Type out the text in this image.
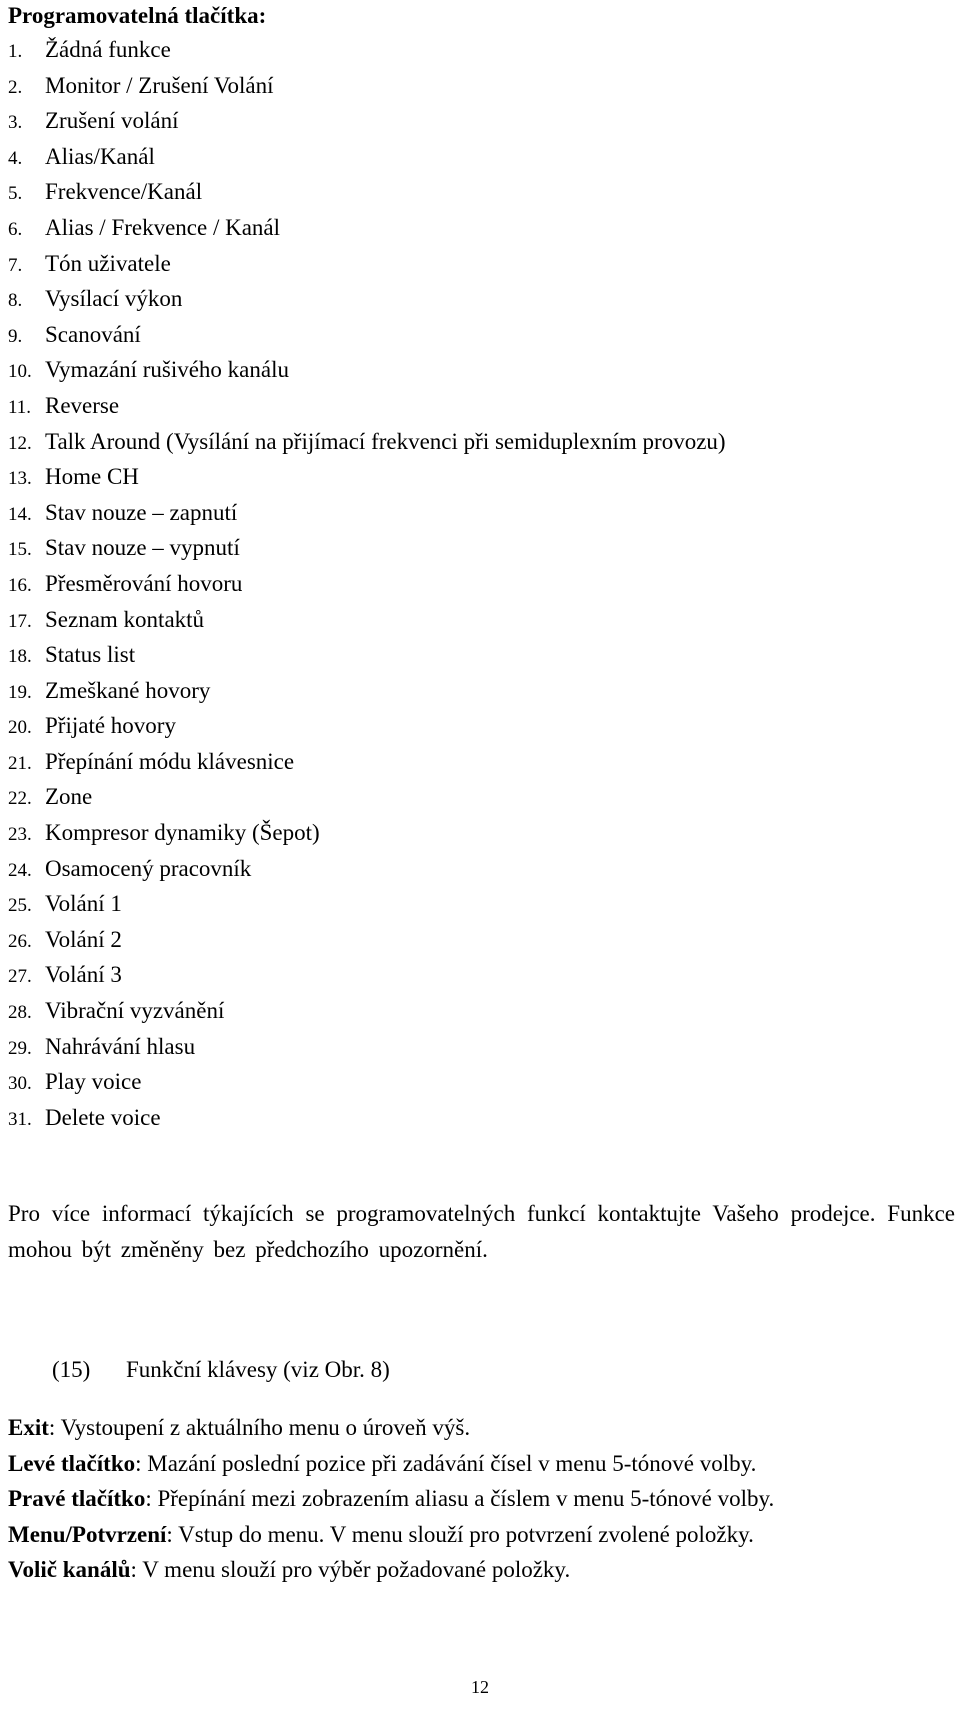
Programovatelná tlačítka:
1. Žádná funkce
2. Monitor / Zrušení Volání
3. Zrušení volání
4. Alias/Kanál
5. Frekvence/Kanál
6. Alias / Frekvence / Kanál
7. Tón uživatele
8. Vysílací výkon
9. Scanování
10. Vymazání rušivého kanálu
11. Reverse
12. Talk Around (Vysílání na přijímací frekvenci při semiduplexním provozu)
13. Home CH
14. Stav nouze – zapnutí
15. Stav nouze – vypnutí
16. Přesměrování hovoru
17. Seznam kontaktů
18. Status list
19. Zmeškané hovory
20. Přijaté hovory
21. Přepínání módu klávesnice
22. Zone
23. Kompresor dynamiky (Šepot)
24. Osamocený pracovník
25. Volání 1
26. Volání 2
27. Volání 3
28. Vibrační vyzvánění
29. Nahrávání hlasu
30. Play voice
31. Delete voice

Pro více informací týkajících se programovatelných funkcí kontaktujte Vašeho prodejce. Funkce mohou být změněny bez předchozího upozornění.

(15) Funkční klávesy (viz Obr. 8)
Exit: Vystoupení z aktuálního menu o úroveň výš.
Levé tlačítko: Mazání poslední pozice při zadávání čísel v menu 5-tónové volby.
Pravé tlačítko: Přepínání mezi zobrazením aliasu a číslem v menu 5-tónové volby.
Menu/Potvrzení: Vstup do menu. V menu slouží pro potvrzení zvolené položky.
Volič kanálů: V menu slouží pro výběr požadované položky.
12
